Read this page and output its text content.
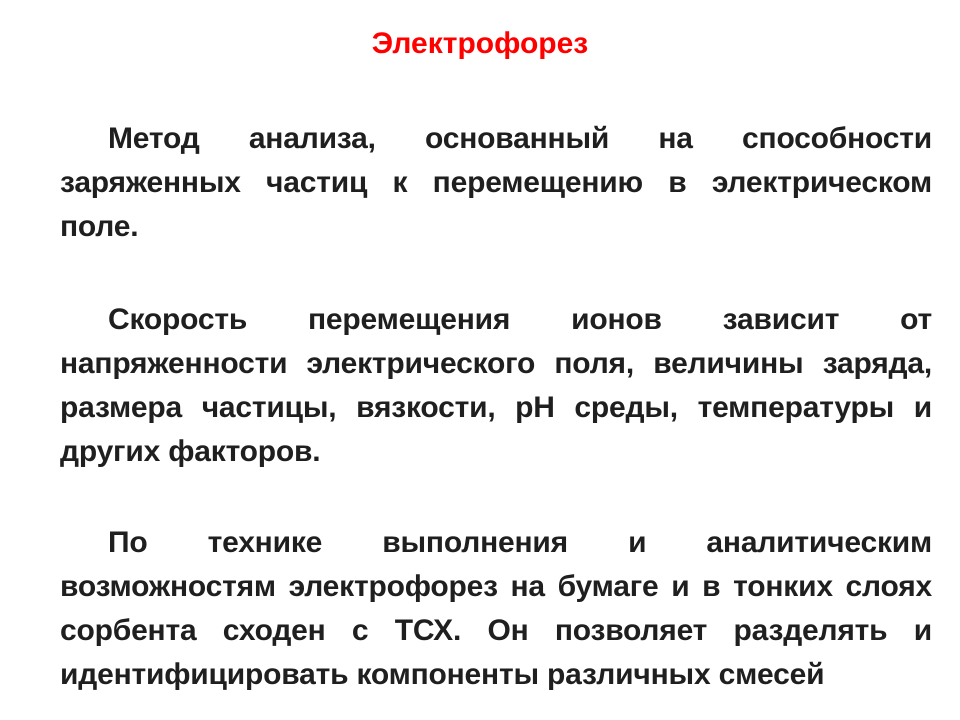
Электрофорез

Метод анализа, основанный на способности заряженных частиц к перемещению в электрическом поле.

Скорость перемещения ионов зависит от напряженности электрического поля, величины заряда, размера частицы, вязкости, pH среды, температуры и других факторов.

По технике выполнения и аналитическим возможностям электрофорез на бумаге и в тонких слоях сорбента сходен с ТСХ. Он позволяет разделять и идентифицировать компоненты различных смесей
